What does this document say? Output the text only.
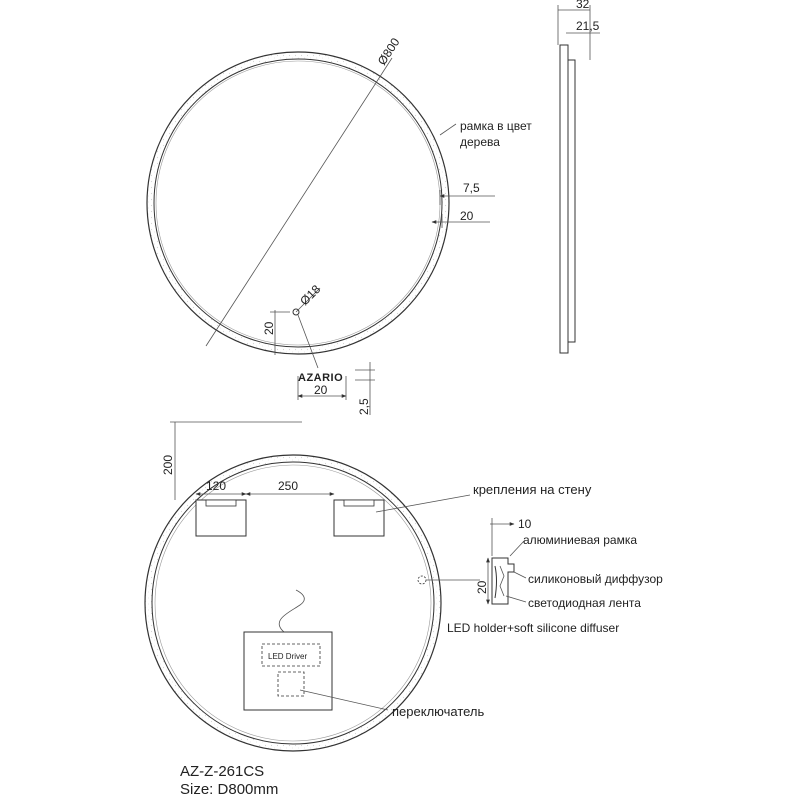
Ø800
рамка в цвет
дерева
7,5
20
Ø18
20
AZARIO
20
2,5
32
21,5
200
120	250	крепления на стену
LED Driver
переключатель
10
20
алюминиевая рамка
силиконовый диффузор
светодиодная лента
LED holder+soft silicone diffuser
AZ-Z-261CS
Size: D800mm
